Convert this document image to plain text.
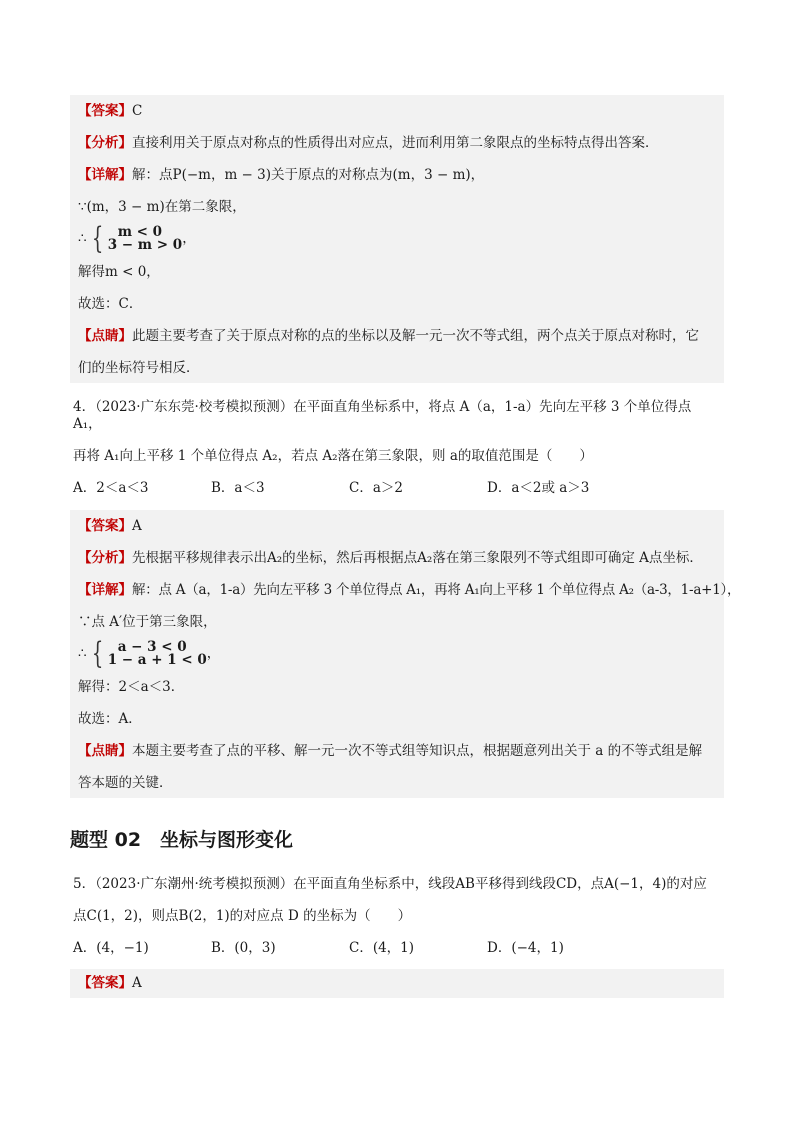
【答案】C
【分析】直接利用关于原点对称点的性质得出对应点，进而利用第二象限点的坐标特点得出答案．
【详解】解：点P(−m，m − 3)关于原点的对称点为(m，3 − m)，
∵(m，3 − m)在第二象限，
∴ {	m < 0
3 − m > 0 ，
解得m < 0，
故选：C．
【点睛】此题主要考查了关于原点对称的点的坐标以及解一元一次不等式组，两个点关于原点对称时，它
们的坐标符号相反．
4．（2023·广东东莞·校考模拟预测）在平面直角坐标系中，将点 A（a，1-a）先向左平移 3 个单位得点 A₁，
再将 A₁向上平移 1 个单位得点 A₂，若点 A₂落在第三象限，则 a的取值范围是（　　）
A．2＜a＜3	B．a＜3	C．a＞2	D．a＜2或 a＞3
【答案】A
【分析】先根据平移规律表示出A₂的坐标，然后再根据点A₂落在第三象限列不等式组即可确定 A点坐标．
【详解】解：点 A（a，1-a）先向左平移 3 个单位得点 A₁，再将 A₁向上平移 1 个单位得点 A₂（a-3，1-a+1），
∵点 A′位于第三象限，
∴ {	a − 3 < 0
1 − a + 1 < 0 ，
解得：2＜a＜3．
故选：A．
【点睛】本题主要考查了点的平移、解一元一次不等式组等知识点，根据题意列出关于 a 的不等式组是解
答本题的关键．
题型 02　坐标与图形变化
5．（2023·广东潮州·统考模拟预测）在平面直角坐标系中，线段AB平移得到线段CD，点A(−1，4)的对应
点C(1，2)，则点B(2，1)的对应点 D 的坐标为（　　）
A．(4，−1)	B．(0，3)	C．(4，1)	D．(−4，1)
【答案】A
